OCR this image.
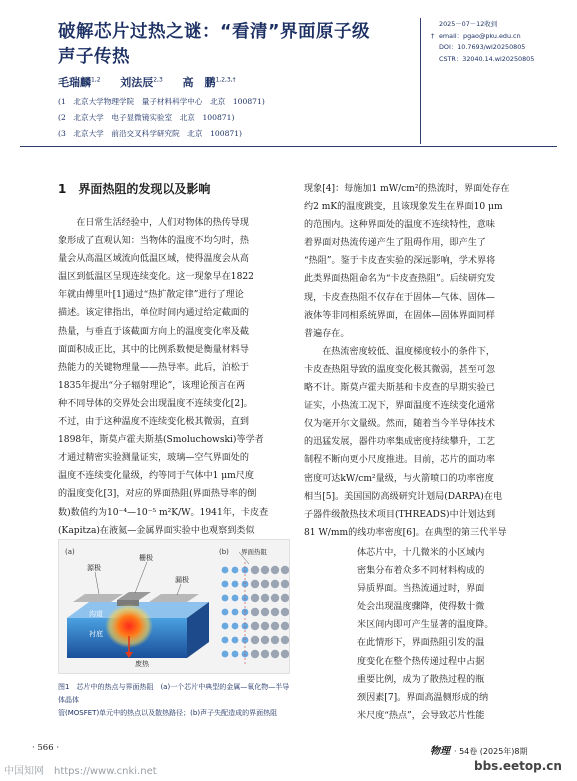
破解芯片过热之谜：“看清”界面原子级
声子传热
毛瑞麟$^{1,2}$ 刘法辰$^{2,3}$ 高　鹏$^{1,2,3,\dagger}$
(1　北京大学物理学院　量子材料科学中心　北京　100871)
(2　北京大学　电子显微镜实验室　北京　100871)
(3　北京大学　前沿交叉科学研究院　北京　100871)
2025－07－12收到
† email：pgao@pku.edu.cn
DOI：10.7693/wl20250805
CSTR：32040.14.wl20250805
1 界面热阻的发现以及影响
　　在日常生活经验中，人们对物体的热传导现
象形成了直观认知：当物体的温度不均匀时，热
量会从高温区域流向低温区域，使得温度会从高
温区到低温区呈现连续变化。这一现象早在1822
年就由傅里叶[1]通过“热扩散定律”进行了理论
描述。该定律指出，单位时间内通过给定截面的
热量，与垂直于该截面方向上的温度变化率及截
面面积成正比，其中的比例系数便是衡量材料导
热能力的关键物理量——热导率。此后，泊松于
1835年提出“分子辐射理论”，该理论预言在两
种不同导体的交界处会出现温度不连续变化[2]。
不过，由于这种温度不连续变化极其微弱，直到
1898年，斯莫卢霍夫斯基(Smoluchowski)等学者
才通过精密实验测量证实，玻璃—空气界面处的
温度不连续变化量级，约等同于气体中1 μm尺度
的温度变化[3]，对应的界面热阻(界面热导率的倒
数)数值约为10⁻⁴—10⁻⁵ m²K/W。1941年，卡皮查
(Kapitza)在液氦—金属界面实验中也观察到类似
现象[4]：每施加1 mW/cm²的热流时，界面处存在
约2 mK的温度跳变，且该现象发生在界面10 μm
的范围内。这种界面处的温度不连续特性，意味
着界面对热流传递产生了阻碍作用，即产生了
“热阻”。鉴于卡皮查实验的深远影响，学术界将
此类界面热阻命名为“卡皮查热阻”。后续研究发
现，卡皮查热阻不仅存在于固体—气体、固体—
液体等非同相系统界面，在固体—固体界面同样
普遍存在。
　　在热流密度较低、温度梯度较小的条件下，
卡皮查热阻导致的温度变化极其微弱，甚至可忽
略不计。斯莫卢霍夫斯基和卡皮查的早期实验已
证实，小热流工况下，界面温度不连续变化通常
仅为毫开尔文量级。然而，随着当今半导体技术
的迅猛发展，器件功率集成密度持续攀升，工艺
制程不断向更小尺度推进。目前，芯片的面功率
密度可达kW/cm²量级，与火箭喷口的功率密度
相当[5]。美国国防高级研究计划局(DARPA)在电
子器件级散热技术项目(THREADS)中计划达到
81 W/mm的线功率密度[6]。在典型的第三代半导
体芯片中，十几微米的小区域内
密集分布着众多不同材料构成的
异质界面。当热流通过时，界面
处会出现温度骤降，使得数十微
米区间内即可产生显著的温度降。
在此情形下，界面热阻引发的温
度变化在整个热传递过程中占据
重要比例，成为了散热过程的瓶
颈因素[7]。界面高温侧形成的纳
米尺度“热点”，会导致芯片性能
(a)
源极
栅极
漏极
沟道
衬底
废热
(b) 界面热阻
图1　芯片中的热点与界面热阻　(a)一个芯片中典型的金属—氧化物—半导体晶体
管(MOSFET)单元中的热点以及散热路径；(b)声子失配造成的界面热阻
· 566 ·	物理 · 54卷 (2025年)8期
中国知网　https://www.cnki.net	bbs.eetop.cn
